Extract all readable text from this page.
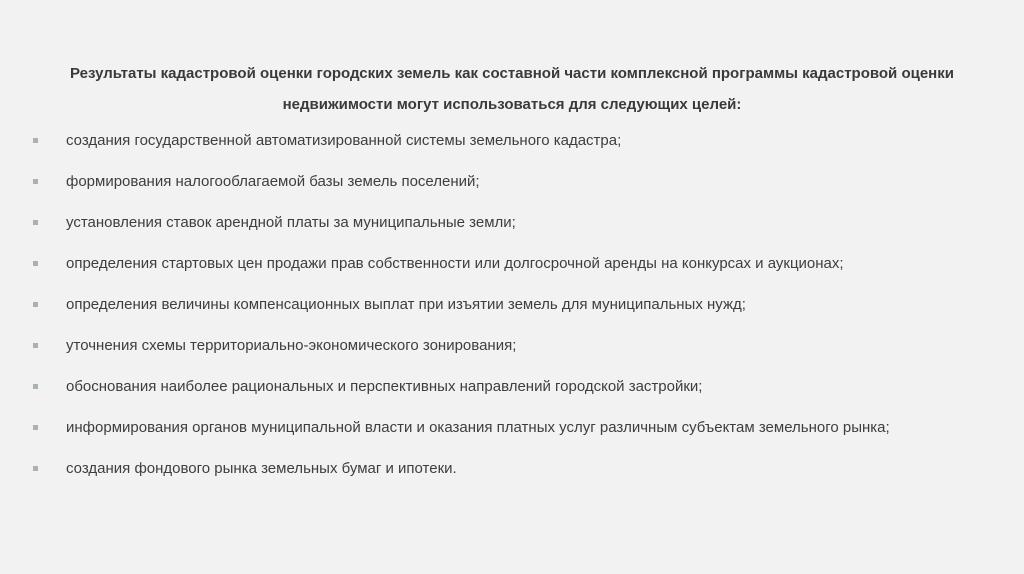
Результаты кадастровой оценки городских земель как составной части комплексной программы кадастровой оценки недвижимости могут использоваться для следующих целей:

создания государственной автоматизированной системы земельного кадастра;
формирования налогооблагаемой базы земель поселений;
установления ставок арендной платы за муниципальные земли;
определения стартовых цен продажи прав собственности или долгосрочной аренды на конкурсах и аукционах;
определения величины компенсационных выплат при изъятии земель для муниципальных нужд;
уточнения схемы территориально-экономического зонирования;
обоснования наиболее рациональных и перспективных направлений городской застройки;
информирования органов муниципальной власти и оказания платных услуг различным субъектам земельного рынка;
создания фондового рынка земельных бумаг и ипотеки.
